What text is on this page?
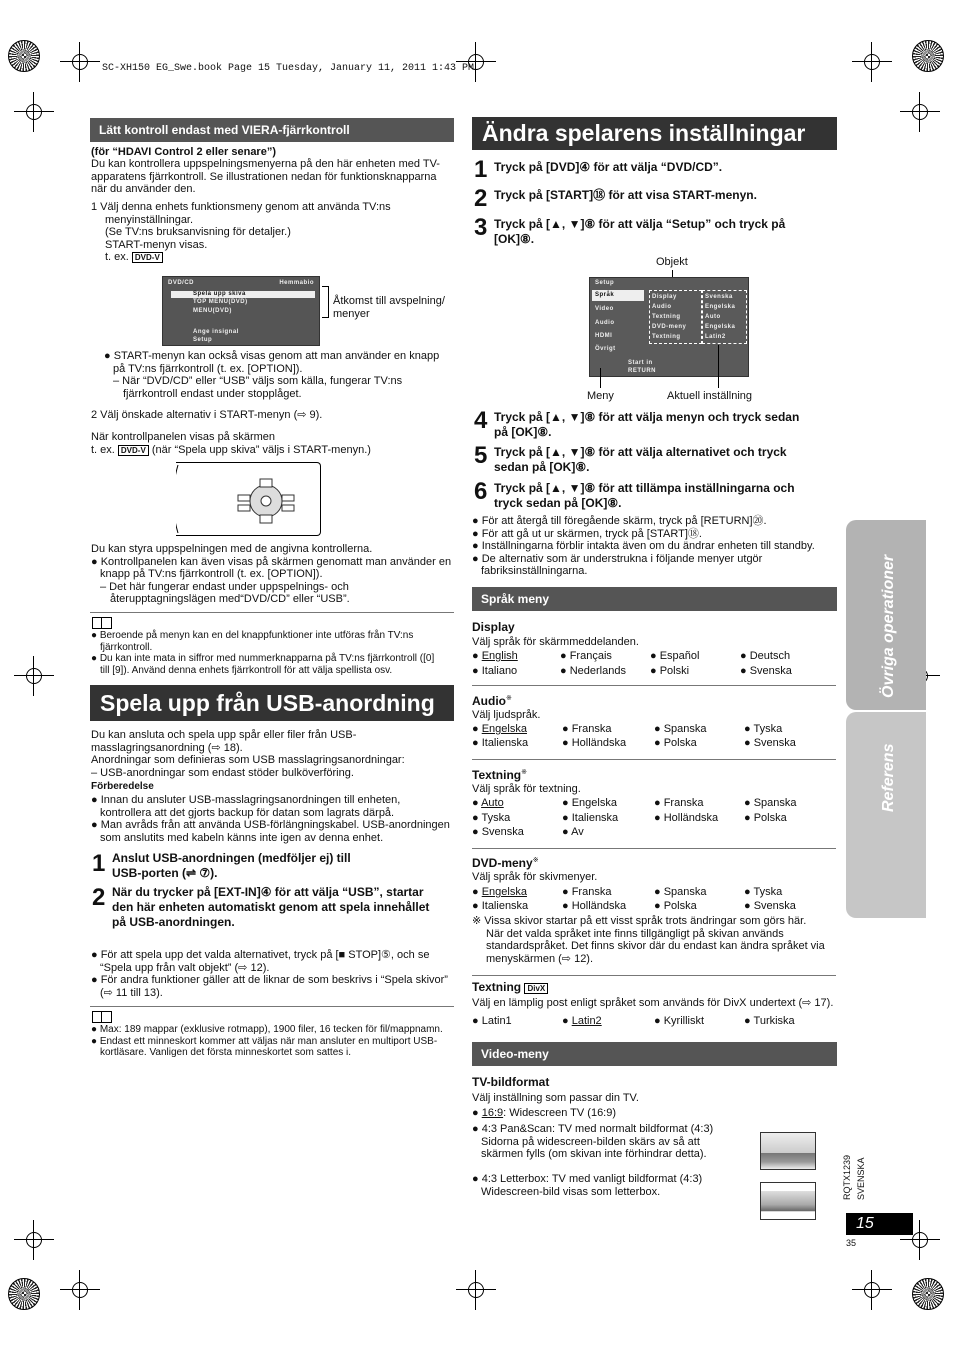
SC-XH150 EG_Swe.book Page 15 Tuesday, January 11, 2011 1:43 PM
Lätt kontroll endast med VIERA-fjärrkontroll
(för “HDAVI Control 2 eller senare”)
Du kan kontrollera uppspelningsmenyerna på den här enheten med TV-
apparatens fjärrkontroll. Se illustrationen nedan för funktionsknapparna
när du använder den.
1 Välj denna enhets funktionsmeny genom att använda TV:ns
menyinställningar.
(Se TV:ns bruksanvisning för detaljer.)
START-menyn visas.
t. ex. DVD-V
DVD/CD	Hemmabio
Spela upp skiva
TOP MENU(DVD)
MENU(DVD)
Ange insignal
Setup
Åtkomst till avspelning/
menyer
● START-menyn kan också visas genom att man använder en knapp
på TV:ns fjärrkontroll (t. ex. [OPTION]).
– När “DVD/CD” eller “USB” väljs som källa, fungerar TV:ns
fjärrkontroll endast under stopplåget.
2 Välj önskade alternativ i START-menyn (⇨ 9).
När kontrollpanelen visas på skärmen
t. ex. DVD-V (när “Spela upp skiva” väljs i START-menyn.)
Du kan styra uppspelningen med de angivna kontrollerna.
● Kontrollpanelen kan även visas på skärmen genomatt man använder en
knapp på TV:ns fjärrkontroll (t. ex. [OPTION]).
– Det här fungerar endast under uppspelnings- och
återupptagningslägen med“DVD/CD” eller “USB”.
● Beroende på menyn kan en del knappfunktioner inte utföras från TV:ns
fjärrkontroll.
● Du kan inte mata in siffror med nummerknapparna på TV:ns fjärrkontroll ([0]
till [9]). Använd denna enhets fjärrkontroll för att välja spellista osv.
Spela upp från USB-anordning
Du kan ansluta och spela upp spår eller filer från USB-
masslagringsanordning (⇨ 18).
Anordningar som definieras som USB masslagringsanordningar:
– USB-anordningar som endast stöder bulköverföring.
Förberedelse
● Innan du ansluter USB-masslagringsanordningen till enheten,
kontrollera att det gjorts backup för datan som lagrats därpå.
● Man avråds från att använda USB-förlängningskabel. USB-anordningen
som anslutits med kabeln känns inte igen av denna enhet.
1 Anslut USB-anordningen (medföljer ej) till
USB-porten (⇌ ⑦).
2 När du trycker på [EXT-IN]④ för att välja “USB”, startar
den här enheten automatiskt genom att spela innehållet
på USB-anordningen.
● För att spela upp det valda alternativet, tryck på [■ STOP]⑤, och se
“Spela upp från valt objekt” (⇨ 12).
● För andra funktioner gäller att de liknar de som beskrivs i “Spela skivor”
(⇨ 11 till 13).
● Max: 189 mappar (exklusive rotmapp), 1900 filer, 16 tecken för fil/mappnamn.
● Endast ett minneskort kommer att väljas när man ansluter en multiport USB-
kortläsare. Vanligen det första minneskortet som sattes i.
Ändra spelarens inställningar
1 Tryck på [DVD]④ för att välja “DVD/CD”.
2 Tryck på [START]⑱ för att visa START-menyn.
3 Tryck på [▲, ▼]⑧ för att välja “Setup” och tryck på
[OK]⑧.
Objekt
Setup
Språk
Video
Audio
HDMI
Övrigt
Display
Audio
Textning
DVD-meny
Textning
Svenska
Engelska
Auto
Engelska
Latin2
Start in
RETURN
Meny	Aktuell inställning
4 Tryck på [▲, ▼]⑧ för att välja menyn och tryck sedan
på [OK]⑧.
5 Tryck på [▲, ▼]⑧ för att välja alternativet och tryck
sedan på [OK]⑧.
6 Tryck på [▲, ▼]⑧ för att tillämpa inställningarna och
tryck sedan på [OK]⑧.
● För att återgå till föregående skärm, tryck på [RETURN]⑳.
● För att gå ut ur skärmen, tryck på [START]⑱.
● Inställningarna förblir intakta även om du ändrar enheten till standby.
● De alternativ som är understrukna i följande menyer utgör
fabriksinställningarna.
Språk meny
Display
Välj språk för skärmmeddelanden.
● English	● Français	● Español	● Deutsch
● Italiano	● Nederlands ● Polski	● Svenska
Audio※
Välj ljudspråk.
● Engelska	● Franska	● Spanska	● Tyska
● Italienska	● Holländska	● Polska	● Svenska
Textning※
Välj språk för textning.
● Auto	● Engelska	● Franska	● Spanska
● Tyska	● Italienska	● Holländska ● Polska
● Svenska	● Av
DVD-meny※
Välj språk för skivmenyer.
● Engelska	● Franska	● Spanska	● Tyska
● Italienska	● Holländska	● Polska	● Svenska
※ Vissa skivor startar på ett visst språk trots ändringar som görs här.
När det valda språket inte finns tillgängligt på skivan används
standardspråket. Det finns skivor där du endast kan ändra språket via
menyskärmen (⇨ 12).
Textning DivX
Välj en lämplig post enligt språket som används för DivX undertext (⇨ 17).
● Latin1	● Latin2	● Kyrilliskt	● Turkiska
Video-meny
TV-bildformat
Välj inställning som passar din TV.
● 16:9: Widescreen TV (16:9)
● 4:3 Pan&Scan: TV med normalt bildformat (4:3)
Sidorna på widescreen-bilden skärs av så att
skärmen fylls (om skivan inte förhindrar detta).
● 4:3 Letterbox: TV med vanligt bildformat (4:3)
Widescreen-bild visas som letterbox.
Övriga operationer
Referens
RQTX1239 SVENSKA
15
35
